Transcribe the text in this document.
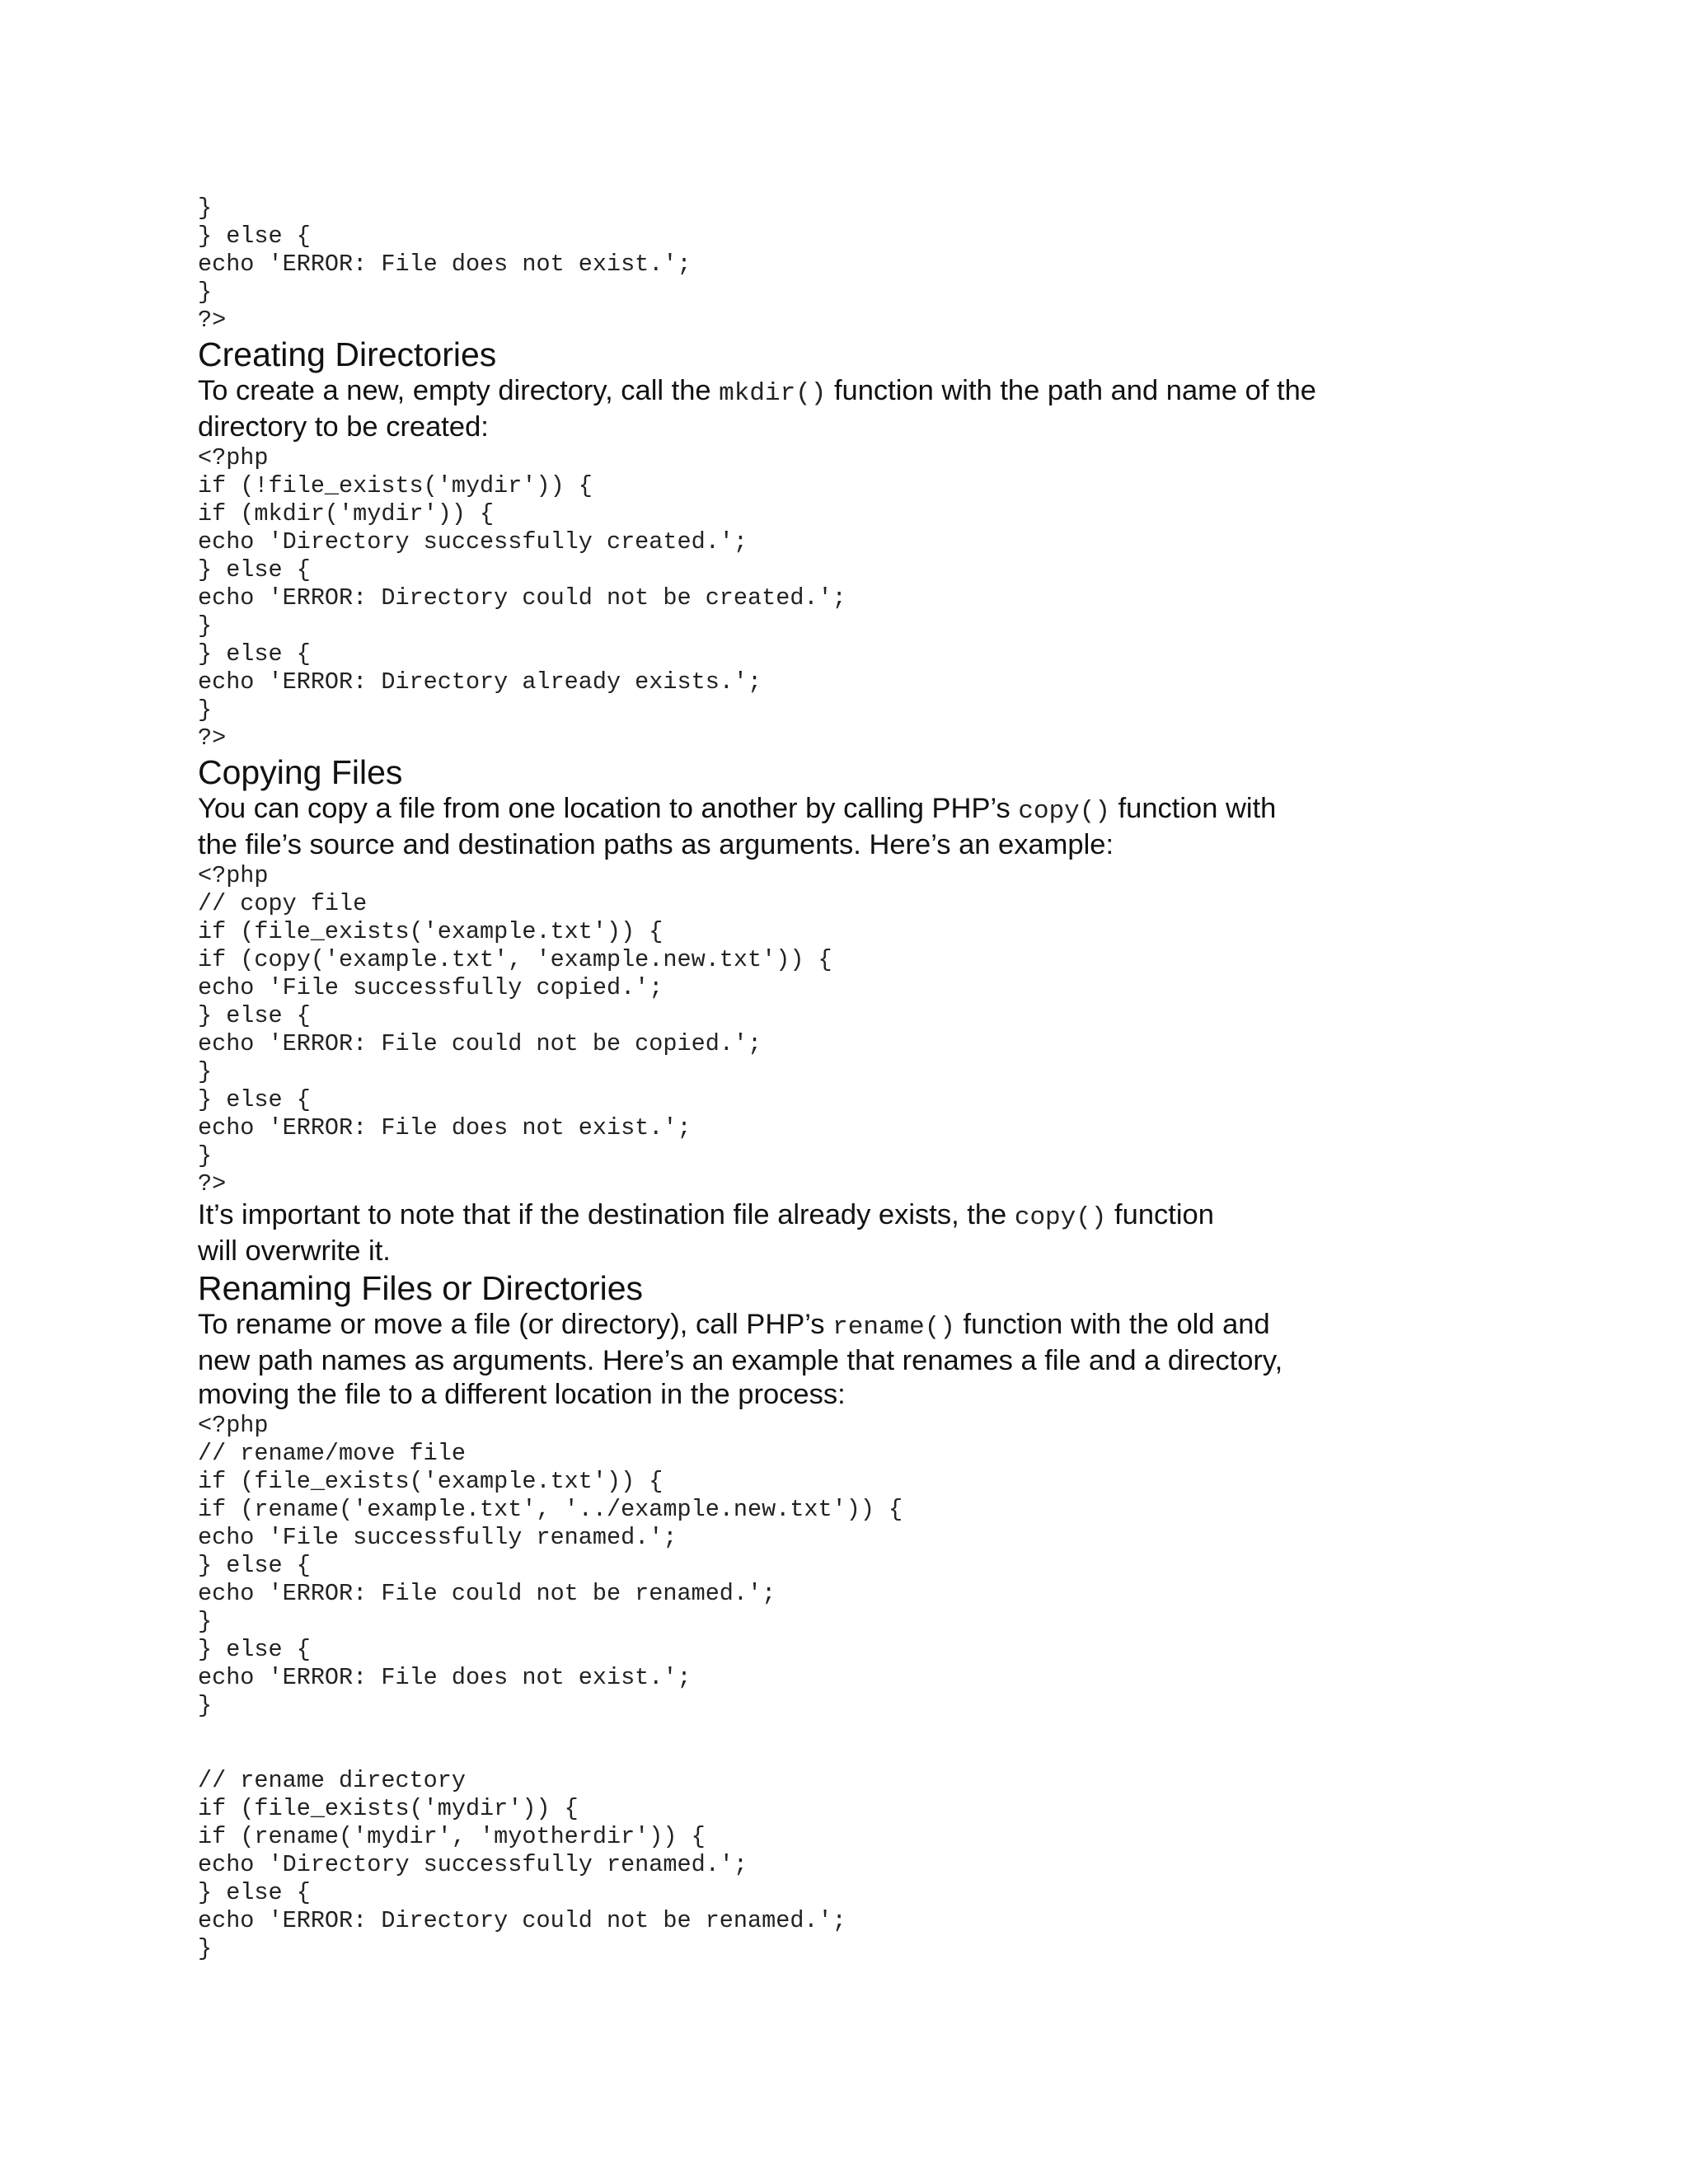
}
} else {
echo 'ERROR: File does not exist.';
}
?>
Creating Directories

To create a new, empty directory, call the mkdir() function with the path and name of the
directory to be created:

<?php
if (!file_exists('mydir')) {
if (mkdir('mydir')) {
echo 'Directory successfully created.';
} else {
echo 'ERROR: Directory could not be created.';
}
} else {
echo 'ERROR: Directory already exists.';
}
?>
Copying Files

You can copy a file from one location to another by calling PHP’s copy() function with
the file’s source and destination paths as arguments. Here’s an example:

<?php
// copy file
if (file_exists('example.txt')) {
if (copy('example.txt', 'example.new.txt')) {
echo 'File successfully copied.';
} else {
echo 'ERROR: File could not be copied.';
}
} else {
echo 'ERROR: File does not exist.';
}
?>

It’s important to note that if the destination file already exists, the copy() function
will overwrite it.

Renaming Files or Directories

To rename or move a file (or directory), call PHP’s rename() function with the old and
new path names as arguments. Here’s an example that renames a file and a directory,
moving the file to a different location in the process:

<?php
// rename/move file
if (file_exists('example.txt')) {
if (rename('example.txt', '../example.new.txt')) {
echo 'File successfully renamed.';
} else {
echo 'ERROR: File could not be renamed.';
}
} else {
echo 'ERROR: File does not exist.';
}
// rename directory
if (file_exists('mydir')) {
if (rename('mydir', 'myotherdir')) {
echo 'Directory successfully renamed.';
} else {
echo 'ERROR: Directory could not be renamed.';
}
